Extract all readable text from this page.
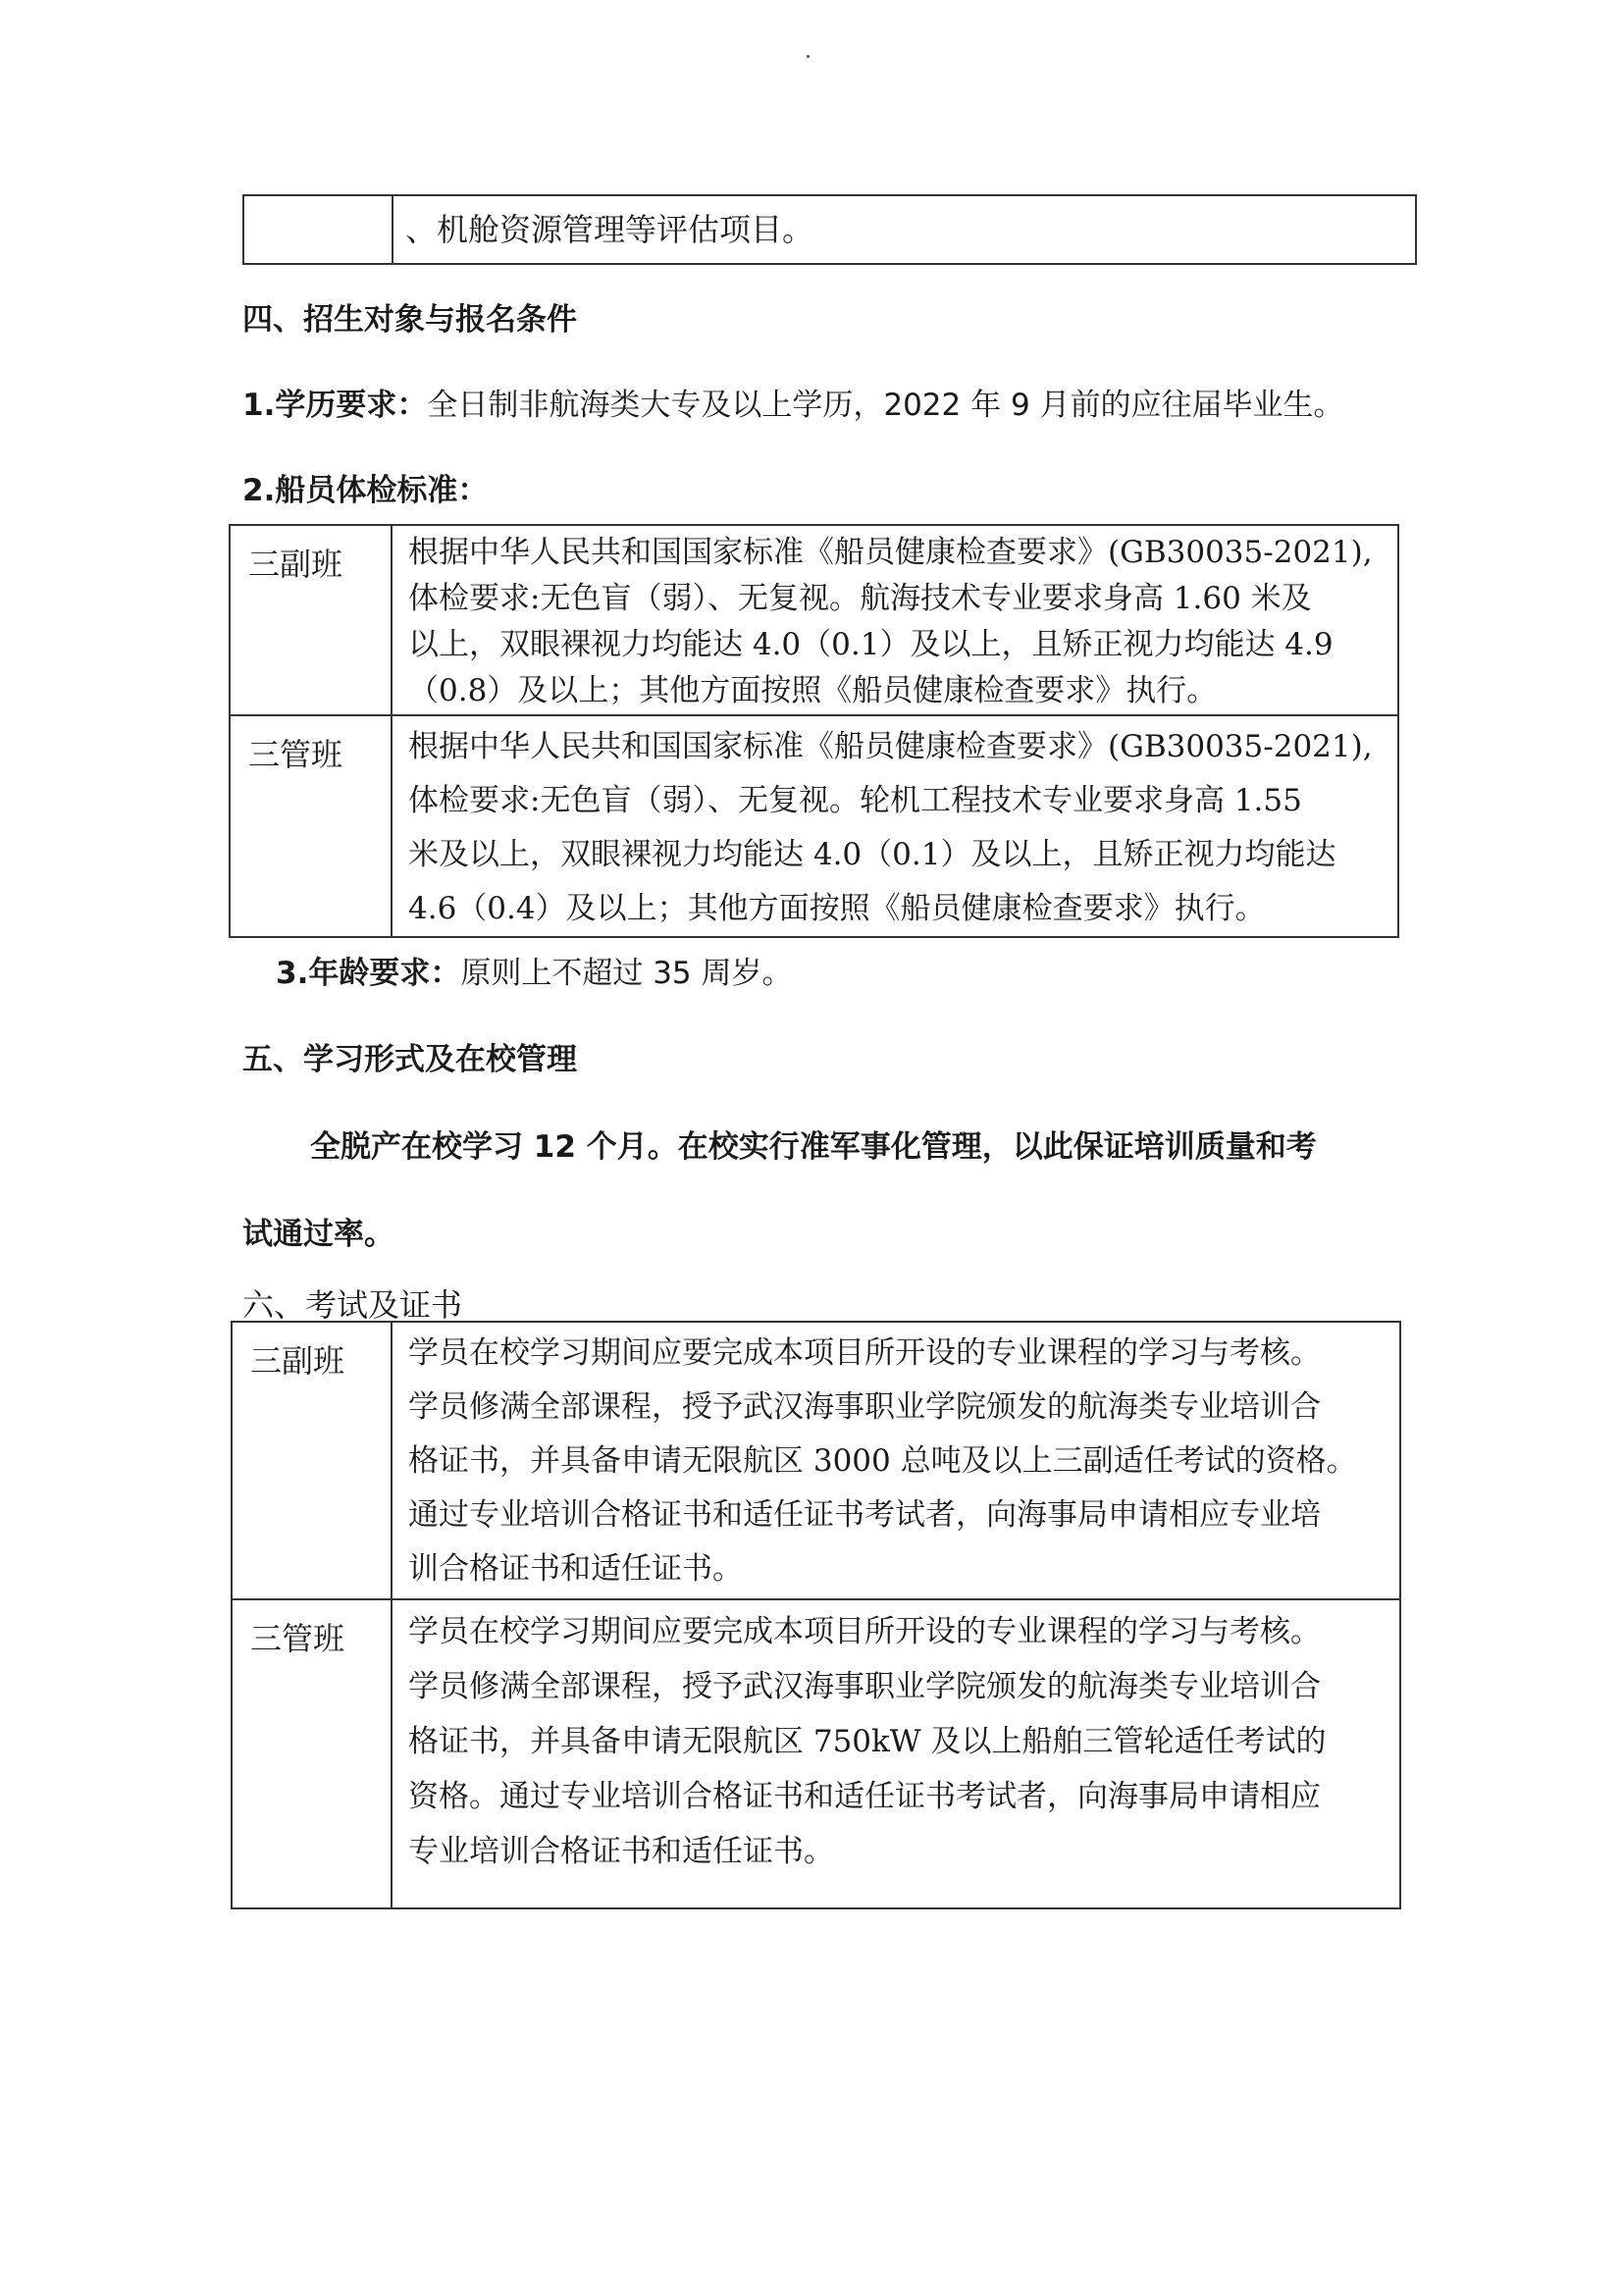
	、机舱资源管理等评估项目。
四、招生对象与报名条件
1.学历要求：全日制非航海类大专及以上学历，2022 年 9 月前的应往届毕业生。
2.船员体检标准：
三副班	根据中华人民共和国国家标准《船员健康检查要求》(GB30035-2021),
体检要求:无色盲（弱）、无复视。航海技术专业要求身高 1.60 米及
以上，双眼裸视力均能达 4.0（0.1）及以上，且矫正视力均能达 4.9
（0.8）及以上；其他方面按照《船员健康检查要求》执行。

三管班	根据中华人民共和国国家标准《船员健康检查要求》(GB30035-2021),
体检要求:无色盲（弱）、无复视。轮机工程技术专业要求身高 1.55
米及以上，双眼裸视力均能达 4.0（0.1）及以上，且矫正视力均能达
4.6（0.4）及以上；其他方面按照《船员健康检查要求》执行。
3.年龄要求：原则上不超过 35 周岁。
五、学习形式及在校管理
全脱产在校学习 12 个月。在校实行准军事化管理，以此保证培训质量和考
试通过率。
六、考试及证书
三副班	学员在校学习期间应要完成本项目所开设的专业课程的学习与考核。
学员修满全部课程，授予武汉海事职业学院颁发的航海类专业培训合
格证书，并具备申请无限航区 3000 总吨及以上三副适任考试的资格。
通过专业培训合格证书和适任证书考试者，向海事局申请相应专业培
训合格证书和适任证书。

三管班	学员在校学习期间应要完成本项目所开设的专业课程的学习与考核。
学员修满全部课程，授予武汉海事职业学院颁发的航海类专业培训合
格证书，并具备申请无限航区 750kW 及以上船舶三管轮适任考试的
资格。通过专业培训合格证书和适任证书考试者，向海事局申请相应
专业培训合格证书和适任证书。
